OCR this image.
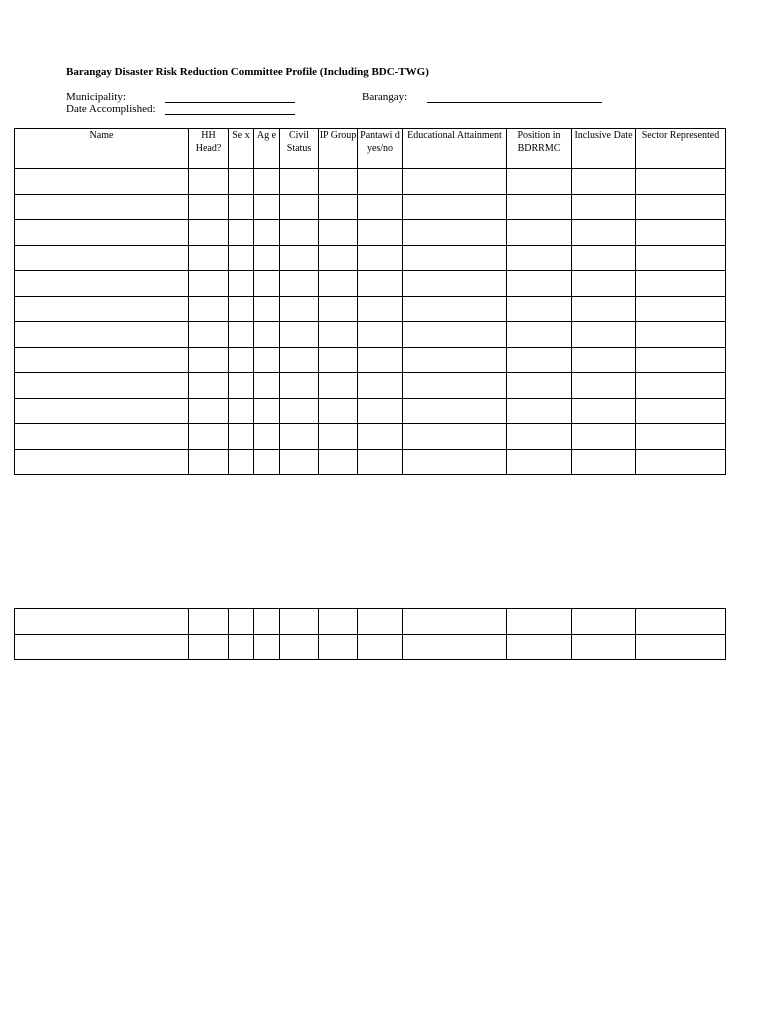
Barangay Disaster Risk Reduction Committee Profile (Including BDC-TWG)
Municipality:	Barangay:
Date Accomplished:
Name	HH Head?	Se x	Ag e	Civil Status	IP Group	Pantawi d yes/no	Educational Attainment	Position in BDRRMC	Inclusive Date	Sector Represented
